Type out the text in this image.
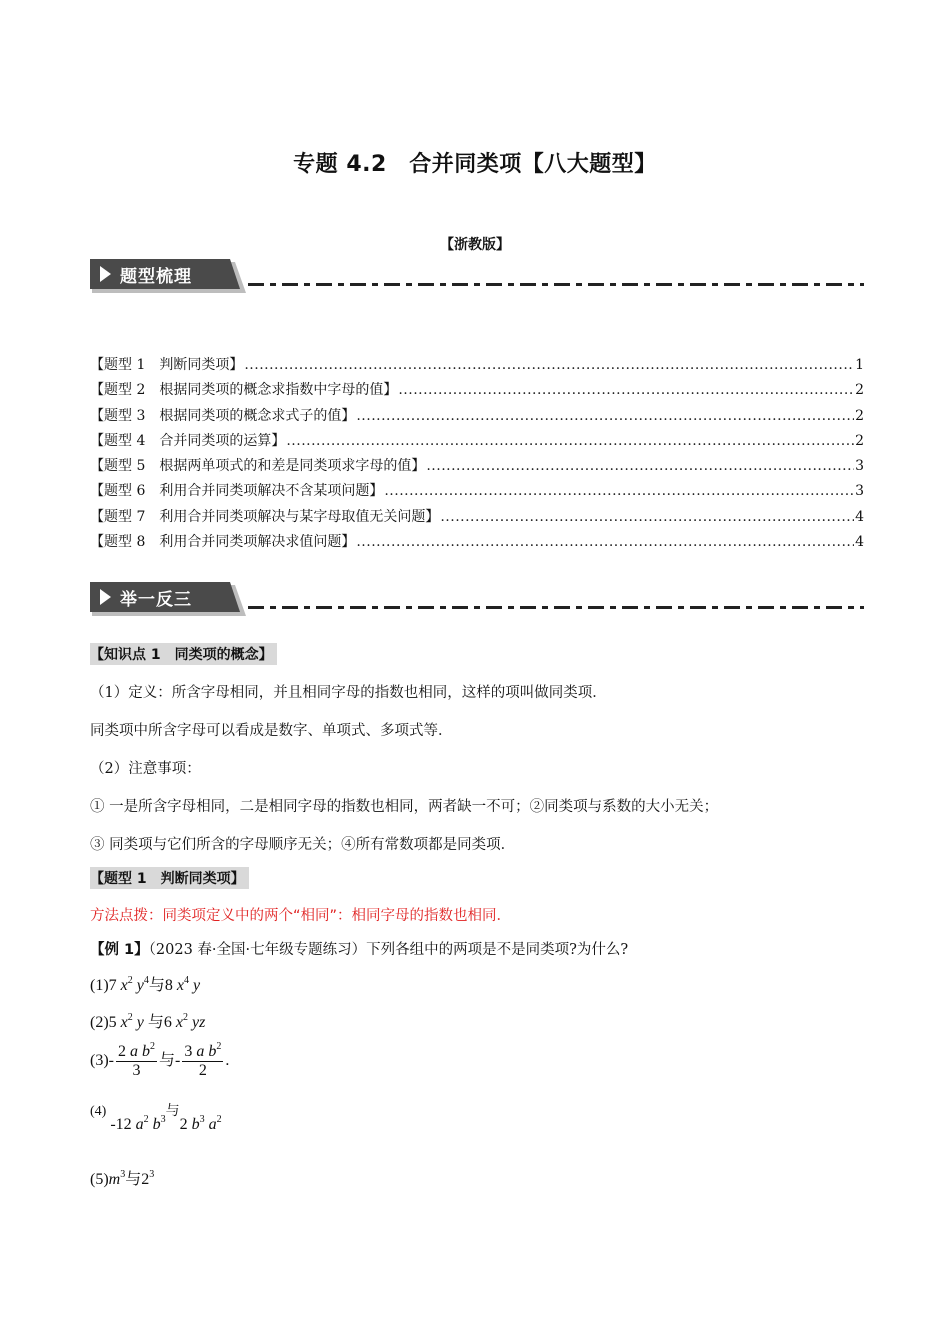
专题 4.2　合并同类项【八大题型】
【浙教版】
题型梳理
【题型 1　判断同类项】 .....	1
【题型 2　根据同类项的概念求指数中字母的值】 .....	2
【题型 3　根据同类项的概念求式子的值】 .....	2
【题型 4　合并同类项的运算】 .....	2
【题型 5　根据两单项式的和差是同类项求字母的值】 .....	3
【题型 6　利用合并同类项解决不含某项问题】 .....	3
【题型 7　利用合并同类项解决与某字母取值无关问题】 .....	4
【题型 8　利用合并同类项解决求值问题】 .....	4
举一反三
【知识点 1　同类项的概念】
（1）定义：所含字母相同，并且相同字母的指数也相同，这样的项叫做同类项．
同类项中所含字母可以看成是数字、单项式、多项式等．
（2）注意事项：
① 一是所含字母相同，二是相同字母的指数也相同，两者缺一不可；②同类项与系数的大小无关；
③ 同类项与它们所含的字母顺序无关；④所有常数项都是同类项．
【题型 1　判断同类项】
方法点拨：同类项定义中的两个“相同”：相同字母的指数也相同．
【例 1】（2023 春·全国·七年级专题练习）下列各组中的两项是不是同类项?为什么?
(1)7 $x^2$ $y^4$与8 $x^4$ y
(2)5 $x^2$ y 与6 $x^2$ yz
$(3)- \frac{2 a b^2}{3}$ 与- $\frac{3 a b^2}{2}$ .
(4) -12 $a^2$ $b^3$与2 $b^3$ $a^2$
$(5)m^3$与$2^3$
